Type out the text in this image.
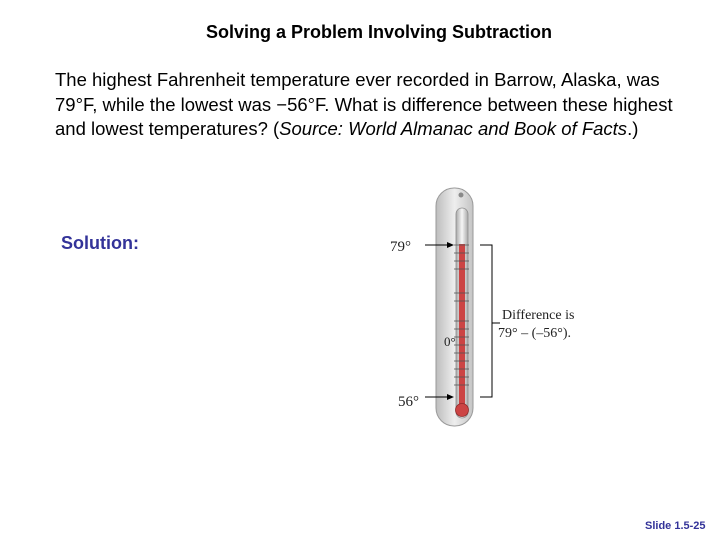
Solving a Problem Involving Subtraction
The highest Fahrenheit temperature ever recorded in Barrow, Alaska, was 79°F, while the lowest was −56°F. What is difference between these highest and lowest temperatures? (Source: World Almanac and Book of Facts.)
Solution:	79°
0°
56°
Difference is
79° – (–56°).
Slide 1.5-25
